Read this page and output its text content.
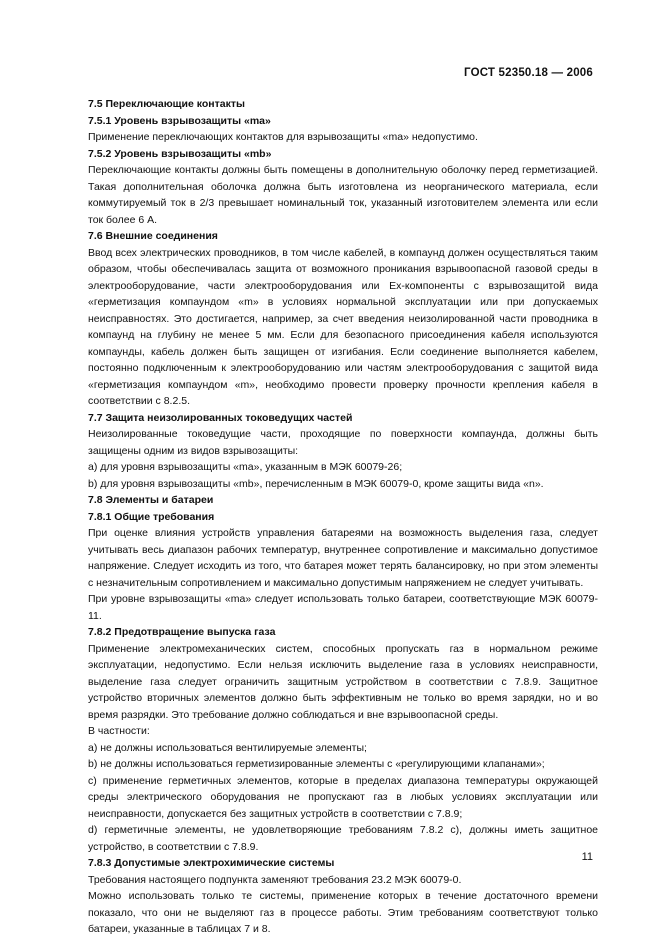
ГОСТ 52350.18 — 2006

7.5 Переключающие контакты

7.5.1 Уровень взрывозащиты «ma»

Применение переключающих контактов для взрывозащиты «ma» недопустимо.

7.5.2 Уровень взрывозащиты «mb»

Переключающие контакты должны быть помещены в дополнительную оболочку перед герметизацией. Такая дополнительная оболочка должна быть изготовлена из неорганического материала, если коммутируемый ток в 2/3 превышает номинальный ток, указанный изготовителем элемента или если ток более 6 А.

7.6 Внешние соединения

Ввод всех электрических проводников, в том числе кабелей, в компаунд должен осуществляться таким образом, чтобы обеспечивалась защита от возможного проникания взрывоопасной газовой среды в электрооборудование, части электрооборудования или Ex-компоненты с взрывозащитой вида «герметизация компаундом «m» в условиях нормальной эксплуатации или при допускаемых неисправностях. Это достигается, например, за счет введения неизолированной части проводника в компаунд на глубину не менее 5 мм. Если для безопасного присоединения кабеля используются компаунды, кабель должен быть защищен от изгибания. Если соединение выполняется кабелем, постоянно подключенным к электрооборудованию или частям электрооборудования с защитой вида «герметизация компаундом «m», необходимо провести проверку прочности крепления кабеля в соответствии с 8.2.5.

7.7 Защита неизолированных токоведущих частей

Неизолированные токоведущие части, проходящие по поверхности компаунда, должны быть защищены одним из видов взрывозащиты:

a) для уровня взрывозащиты «ma», указанным в МЭК 60079-26;

b) для уровня взрывозащиты «mb», перечисленным в МЭК 60079-0, кроме защиты вида «n».

7.8 Элементы и батареи

7.8.1 Общие требования

При оценке влияния устройств управления батареями на возможность выделения газа, следует учитывать весь диапазон рабочих температур, внутреннее сопротивление и максимально допустимое напряжение. Следует исходить из того, что батарея может терять балансировку, но при этом элементы с незначительным сопротивлением и максимально допустимым напряжением не следует учитывать.

При уровне взрывозащиты «ma» следует использовать только батареи, соответствующие МЭК 60079-11.

7.8.2 Предотвращение выпуска газа

Применение электромеханических систем, способных пропускать газ в нормальном режиме эксплуатации, недопустимо. Если нельзя исключить выделение газа в условиях неисправности, выделение газа следует ограничить защитным устройством в соответствии с 7.8.9. Защитное устройство вторичных элементов должно быть эффективным не только во время зарядки, но и во время разрядки. Это требование должно соблюдаться и вне взрывоопасной среды.

В частности:

a) не должны использоваться вентилируемые элементы;

b) не должны использоваться герметизированные элементы с «регулирующими клапанами»;

c) применение герметичных элементов, которые в пределах диапазона температуры окружающей среды электрического оборудования не пропускают газ в любых условиях эксплуатации или неисправности, допускается без защитных устройств в соответствии с 7.8.9;

d) герметичные элементы, не удовлетворяющие требованиям 7.8.2 c), должны иметь защитное устройство, в соответствии с 7.8.9.

7.8.3 Допустимые электрохимические системы

Требования настоящего подпункта заменяют требования 23.2 МЭК 60079-0.

Можно использовать только те системы, применение которых в течение достаточного времени показало, что они не выделяют газ в процессе работы. Этим требованиям соответствуют только батареи, указанные в таблицах 7 и 8.

11
